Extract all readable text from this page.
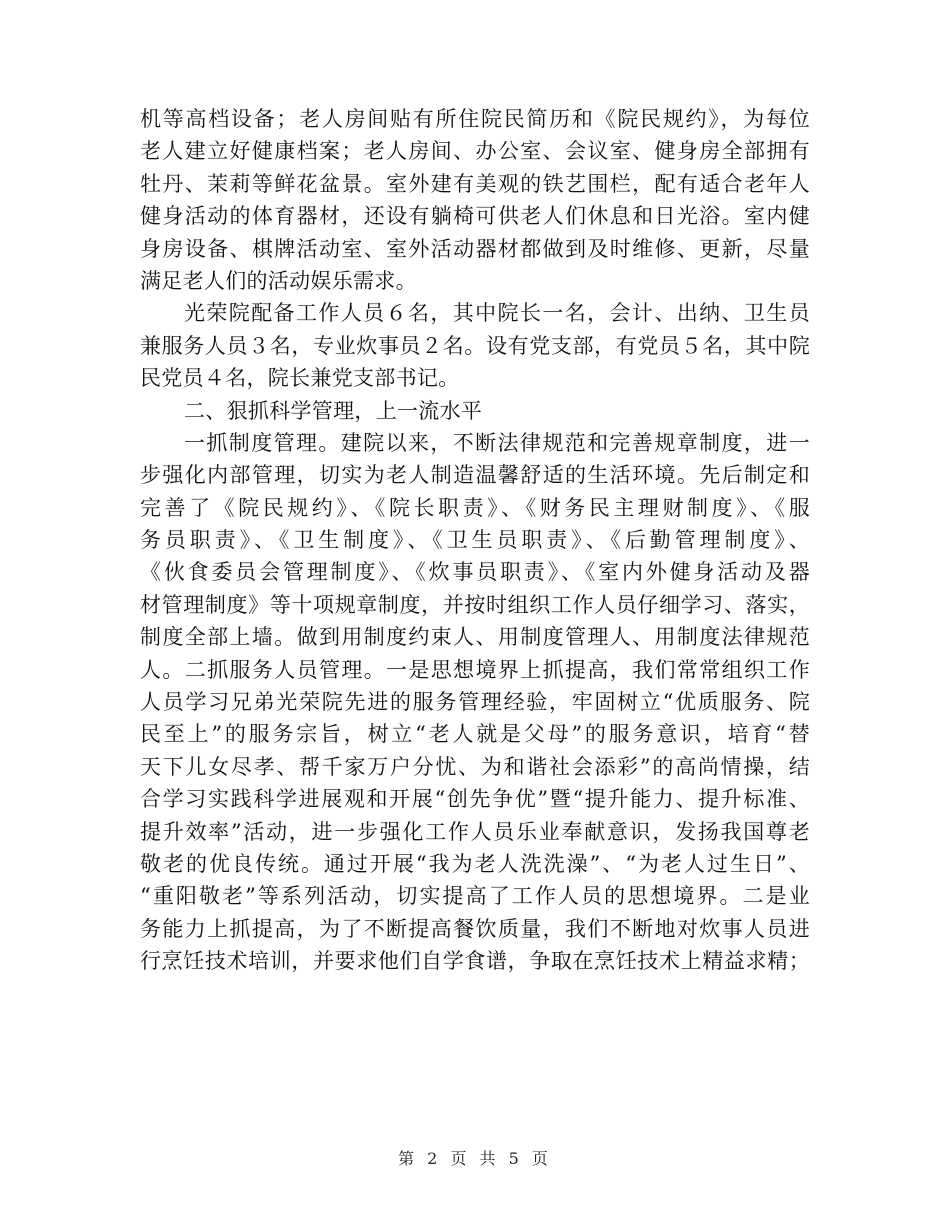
机等高档设备；老人房间贴有所住院民简历和《院民规约》，为每位
老人建立好健康档案；老人房间、办公室、会议室、健身房全部拥有
牡丹、茉莉等鲜花盆景。室外建有美观的铁艺围栏，配有适合老年人
健身活动的体育器材，还设有躺椅可供老人们休息和日光浴。室内健
身房设备、棋牌活动室、室外活动器材都做到及时维修、更新，尽量
满足老人们的活动娱乐需求。
光荣院配备工作人员６名，其中院长一名，会计、出纳、卫生员
兼服务人员３名，专业炊事员２名。设有党支部，有党员５名，其中院
民党员４名，院长兼党支部书记。
二、狠抓科学管理，上一流水平
一抓制度管理。建院以来，不断法律规范和完善规章制度，进一
步强化内部管理，切实为老人制造温馨舒适的生活环境。先后制定和
完善了《院民规约》、《院长职责》、《财务民主理财制度》、《服
务员职责》、《卫生制度》、《卫生员职责》、《后勤管理制度》、
《伙食委员会管理制度》、《炊事员职责》、《室内外健身活动及器
材管理制度》等十项规章制度，并按时组织工作人员仔细学习、落实，
制度全部上墙。做到用制度约束人、用制度管理人、用制度法律规范
人。二抓服务人员管理。一是思想境界上抓提高，我们常常组织工作
人员学习兄弟光荣院先进的服务管理经验，牢固树立“优质服务、院
民至上”的服务宗旨，树立“老人就是父母”的服务意识，培育“替
天下儿女尽孝、帮千家万户分忧、为和谐社会添彩”的高尚情操，结
合学习实践科学进展观和开展“创先争优”暨“提升能力、提升标准、
提升效率”活动，进一步强化工作人员乐业奉献意识，发扬我国尊老
敬老的优良传统。通过开展“我为老人洗洗澡”、“为老人过生日”、
“重阳敬老”等系列活动，切实提高了工作人员的思想境界。二是业
务能力上抓提高，为了不断提高餐饮质量，我们不断地对炊事人员进
行烹饪技术培训，并要求他们自学食谱，争取在烹饪技术上精益求精；
第 2 页 共 5 页
